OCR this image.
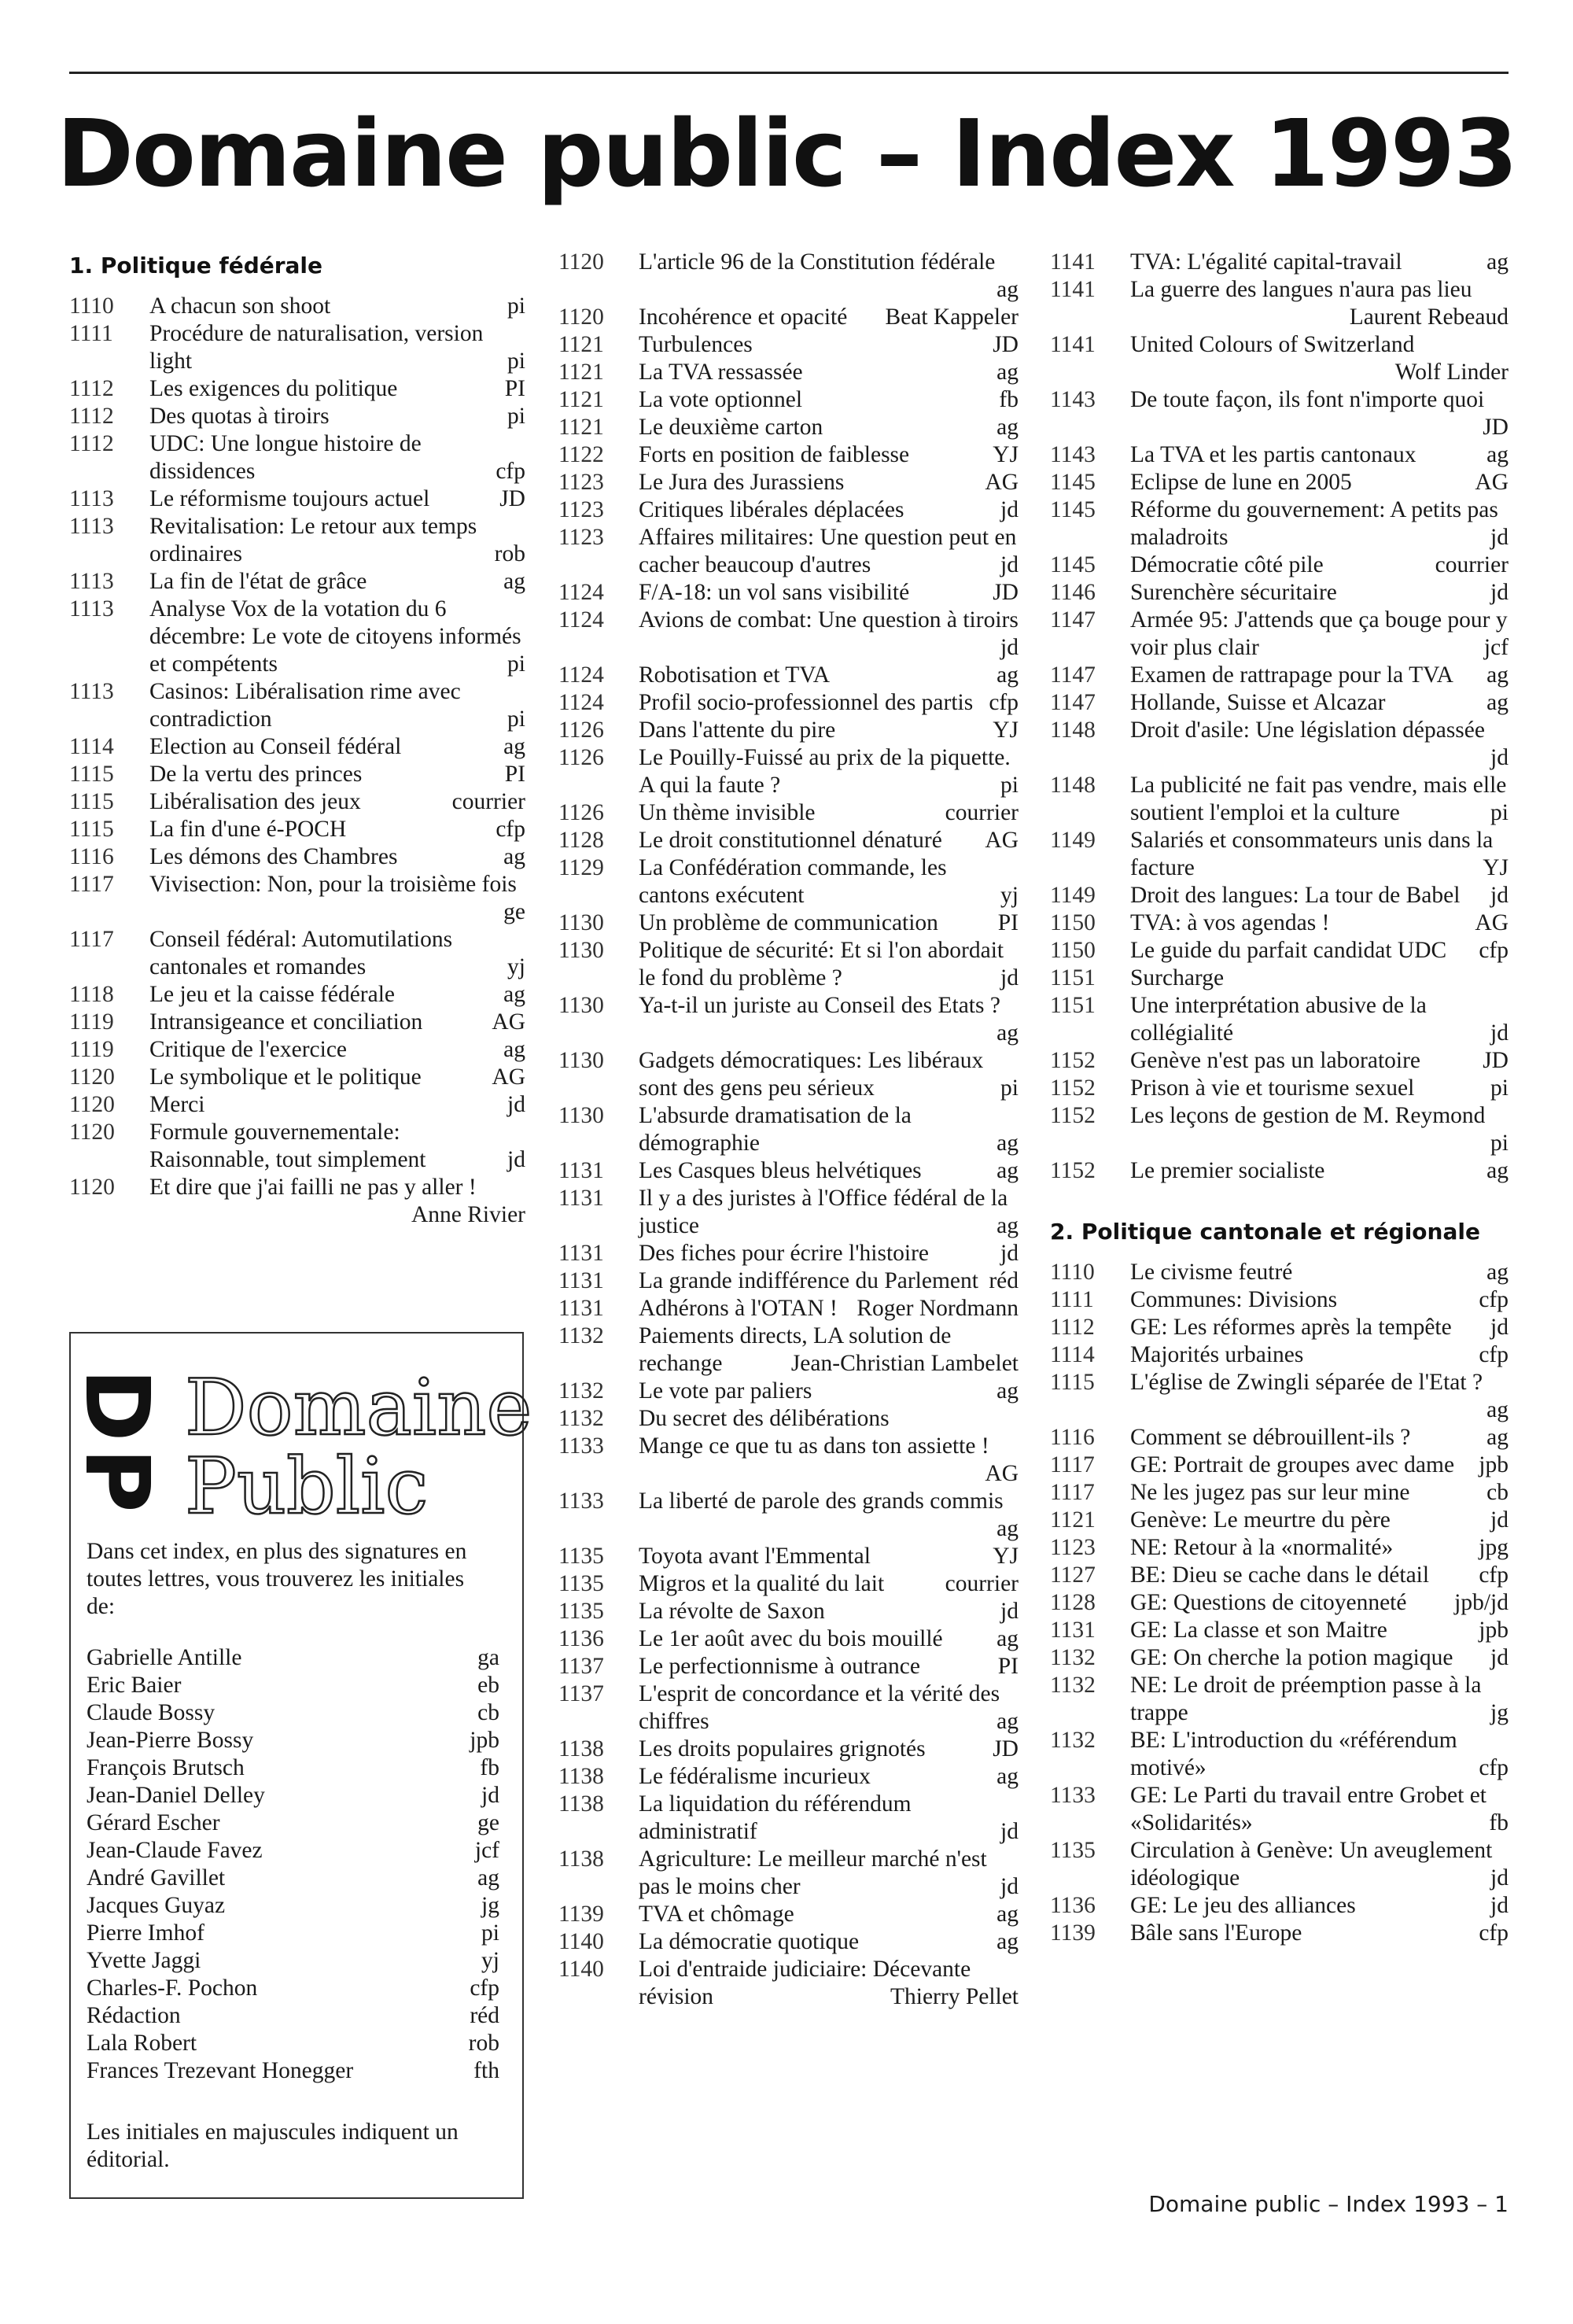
Domaine public – Index 1993
1. Politique fédérale
1110	A chacun son shoot	pi
1111	Procédure de naturalisation, version light	pi
1112	Les exigences du politique	PI
1112	Des quotas à tiroirs	pi
1112	UDC: Une longue histoire de dissidences	cfp
1113	Le réformisme toujours actuel	JD
1113	Revitalisation: Le retour aux temps ordinaires	rob
1113	La fin de l'état de grâce	ag
1113	Analyse Vox de la votation du 6 décembre: Le vote de citoyens informés et compétents	pi
1113	Casinos: Libéralisation rime avec contradiction	pi
1114	Election au Conseil fédéral	ag
1115	De la vertu des princes	PI
1115	Libéralisation des jeux	courrier
1115	La fin d'une é-POCH	cfp
1116	Les démons des Chambres	ag
1117	Vivisection: Non, pour la troisième fois
ge
1117	Conseil fédéral: Automutilations cantonales et romandes	yj
1118	Le jeu et la caisse fédérale	ag
1119	Intransigeance et conciliation	AG
1119	Critique de l'exercice	ag
1120	Le symbolique et le politique	AG
1120	Merci	jd
1120	Formule gouvernementale: Raisonnable, tout simplement	jd
1120	Et dire que j'ai failli ne pas y aller !
Anne Rivier
1120	L'article 96 de la Constitution fédérale
ag
1120	Incohérence et opacité Beat Kappeler
1121	Turbulences	JD
1121	La TVA ressassée	ag
1121	La vote optionnel	fb
1121	Le deuxième carton	ag
1122	Forts en position de faiblesse	YJ
1123	Le Jura des Jurassiens	AG
1123	Critiques libérales déplacées	jd
1123	Affaires militaires: Une question peut en cacher beaucoup d'autres	jd
1124	F/A-18: un vol sans visibilité	JD
1124	Avions de combat: Une question à tiroirs
jd
1124	Robotisation et TVA	ag
1124	Profil socio-professionnel des partis cfp
1126	Dans l'attente du pire	YJ
1126	Le Pouilly-Fuissé au prix de la piquette. A qui la faute ?	pi
1126	Un thème invisible	courrier
1128	Le droit constitutionnel dénaturé AG
1129	La Confédération commande, les cantons exécutent	yj
1130	Un problème de communication	PI
1130	Politique de sécurité: Et si l'on abordait le fond du problème ?	jd
1130	Ya-t-il un juriste au Conseil des Etats ?
ag
1130	Gadgets démocratiques: Les libéraux sont des gens peu sérieux	pi
1130	L'absurde dramatisation de la démographie	ag
1131	Les Casques bleus helvétiques	ag
1131	Il y a des juristes à l'Office fédéral de la justice	ag
1131	Des fiches pour écrire l'histoire	jd
1131	La grande indifférence du Parlement réd
1131	Adhérons à l'OTAN ! Roger Nordmann
1132	Paiements directs, LA solution de rechange	Jean-Christian Lambelet
1132	Le vote par paliers	ag
1132	Du secret des délibérations
1133	Mange ce que tu as dans ton assiette !
AG
1133	La liberté de parole des grands commis
ag
1135	Toyota avant l'Emmental	YJ
1135	Migros et la qualité du lait	courrier
1135	La révolte de Saxon	jd
1136	Le 1er août avec du bois mouillé ag
1137	Le perfectionnisme à outrance	PI
1137	L'esprit de concordance et la vérité des chiffres	ag
1138	Les droits populaires grignotés	JD
1138	Le fédéralisme incurieux	ag
1138	La liquidation du référendum administratif	jd
1138	Agriculture: Le meilleur marché n'est pas le moins cher	jd
1139	TVA et chômage	ag
1140	La démocratie quotique	ag
1140	Loi d'entraide judiciaire: Décevante révision	Thierry Pellet
1141	TVA: L'égalité capital-travail	ag
1141	La guerre des langues n'aura pas lieu
Laurent Rebeaud
1141	United Colours of Switzerland
Wolf Linder
1143	De toute façon, ils font n'importe quoi
JD
1143	La TVA et les partis cantonaux	ag
1145	Eclipse de lune en 2005	AG
1145	Réforme du gouvernement: A petits pas maladroits	jd
1145	Démocratie côté pile	courrier
1146	Surenchère sécuritaire	jd
1147	Armée 95: J'attends que ça bouge pour y voir plus clair	jcf
1147	Examen de rattrapage pour la TVA ag
1147	Hollande, Suisse et Alcazar	ag
1148	Droit d'asile: Une législation dépassée
jd
1148	La publicité ne fait pas vendre, mais elle soutient l'emploi et la culture	pi
1149	Salariés et consommateurs unis dans la facture	YJ
1149	Droit des langues: La tour de Babel jd
1150	TVA: à vos agendas !	AG
1150	Le guide du parfait candidat UDC cfp
1151	Surcharge
1151	Une interprétation abusive de la collégialité	jd
1152	Genève n'est pas un laboratoire	JD
1152	Prison à vie et tourisme sexuel	pi
1152	Les leçons de gestion de M. Reymond
pi
1152	Le premier socialiste	ag
2. Politique cantonale et régionale
1110	Le civisme feutré	ag
1111	Communes: Divisions	cfp
1112	GE: Les réformes après la tempête jd
1114	Majorités urbaines	cfp
1115	L'église de Zwingli séparée de l'Etat ?
ag
1116	Comment se débrouillent-ils ?	ag
1117	GE: Portrait de groupes avec dame jpb
1117	Ne les jugez pas sur leur mine	cb
1121	Genève: Le meurtre du père	jd
1123	NE: Retour à la «normalité»	jpg
1127	BE: Dieu se cache dans le détail cfp
1128	GE: Questions de citoyenneté jpb/jd
1131	GE: La classe et son Maitre	jpb
1132	GE: On cherche la potion magique jd
1132	NE: Le droit de préemption passe à la trappe	jg
1132	BE: L'introduction du «référendum motivé»	cfp
1133	GE: Le Parti du travail entre Grobet et «Solidarités»	fb
1135	Circulation à Genève: Un aveuglement idéologique	jd
1136	GE: Le jeu des alliances	jd
1139	Bâle sans l'Europe	cfp
DP Domaine
Public
Dans cet index, en plus des signatures en toutes lettres, vous trouverez les initiales de:
Gabrielle Antille	ga
Eric Baier	eb
Claude Bossy	cb
Jean-Pierre Bossy	jpb
François Brutsch	fb
Jean-Daniel Delley	jd
Gérard Escher	ge
Jean-Claude Favez	jcf
André Gavillet	ag
Jacques Guyaz	jg
Pierre Imhof	pi
Yvette Jaggi	yj
Charles-F. Pochon	cfp
Rédaction	réd
Lala Robert	rob
Frances Trezevant Honegger	fth
Les initiales en majuscules indiquent un éditorial.
Domaine public – Index 1993 – 1
